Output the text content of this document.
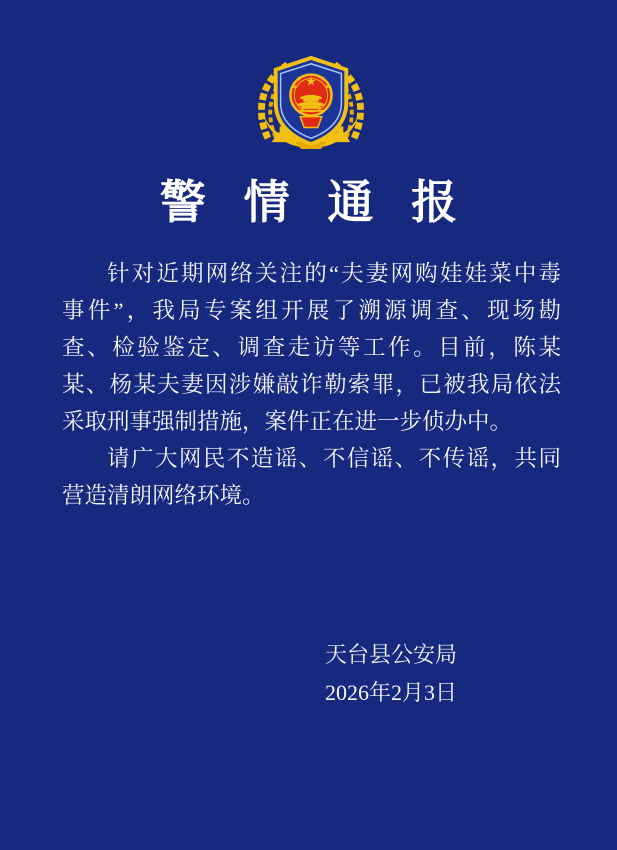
警情通报
针对近期网络关注的“夫妻网购娃娃菜中毒
事件”，我局专案组开展了溯源调查、现场勘
查、检验鉴定、调查走访等工作。目前，陈某
某、杨某夫妻因涉嫌敲诈勒索罪，已被我局依法
采取刑事强制措施，案件正在进一步侦办中。
请广大网民不造谣、不信谣、不传谣，共同
营造清朗网络环境。
天台县公安局
2026年2月3日
